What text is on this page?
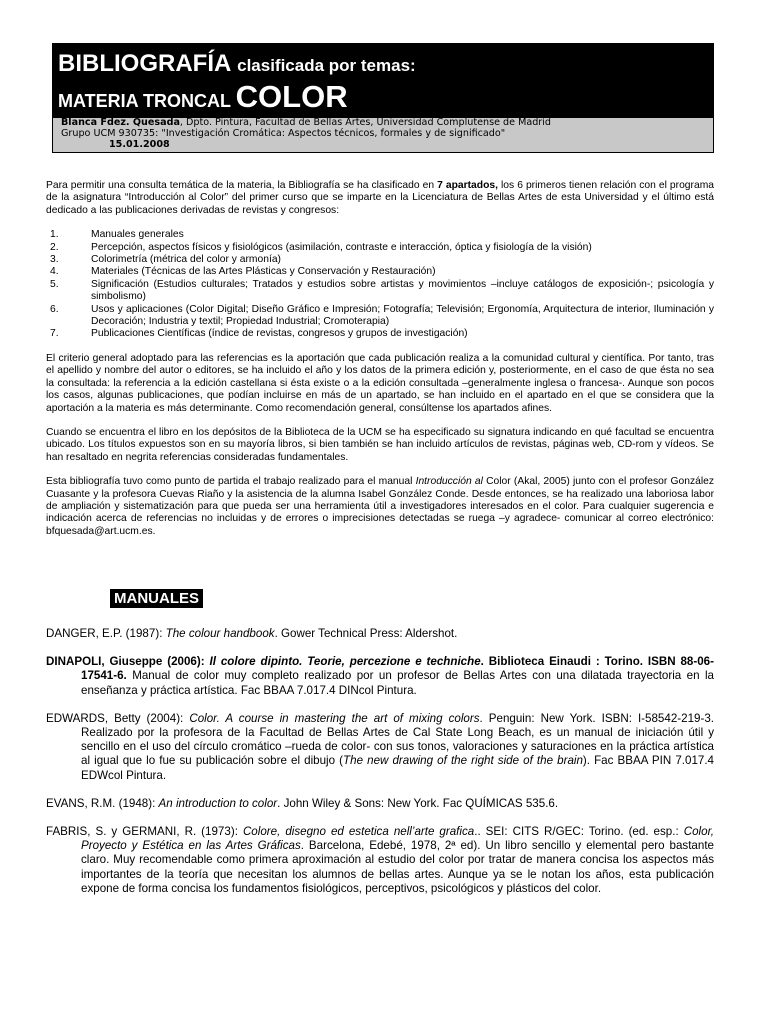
BIBLIOGRAFÍA clasificada por temas:
MATERIA TRONCAL COLOR
Blanca Fdez. Quesada, Dpto. Pintura, Facultad de Bellas Artes, Universidad Complutense de Madrid
Grupo UCM 930735: "Investigación Cromática: Aspectos técnicos, formales y de significado"
15.01.2008

Para permitir una consulta temática de la materia, la Bibliografía se ha clasificado en 7 apartados, los 6 primeros tienen relación con el programa de la asignatura “Introducción al Color” del primer curso que se imparte en la Licenciatura de Bellas Artes de esta Universidad y el último está dedicado a las publicaciones derivadas de revistas y congresos:

1.	Manuales generales
2.	Percepción, aspectos físicos y fisiológicos (asimilación, contraste e interacción, óptica y fisiología de la visión)
3.	Colorimetría (métrica del color y armonía)
4.	Materiales (Técnicas de las Artes Plásticas y Conservación y Restauración)
5.	Significación (Estudios culturales; Tratados y estudios sobre artistas y movimientos –incluye catálogos de exposición-; psicología y simbolismo)
6.	Usos y aplicaciones (Color Digital; Diseño Gráfico e Impresión; Fotografía; Televisión; Ergonomía, Arquitectura de interior, Iluminación y Decoración; Industria y textil; Propiedad Industrial; Cromoterapia)
7.	Publicaciones Científicas (índice de revistas, congresos y grupos de investigación)

El criterio general adoptado para las referencias es la aportación que cada publicación realiza a la comunidad cultural y científica. Por tanto, tras el apellido y nombre del autor o editores, se ha incluido el año y los datos de la primera edición y, posteriormente, en el caso de que ésta no sea la consultada: la referencia a la edición castellana si ésta existe o a la edición consultada –generalmente inglesa o francesa-. Aunque son pocos los casos, algunas publicaciones, que podían incluirse en más de un apartado, se han incluido en el apartado en el que se considera que la aportación a la materia es más determinante. Como recomendación general, consúltense los apartados afines.

Cuando se encuentra el libro en los depósitos de la Biblioteca de la UCM se ha especificado su signatura indicando en qué facultad se encuentra ubicado. Los títulos expuestos son en su mayoría libros, si bien también se han incluido artículos de revistas, páginas web, CD-rom y vídeos. Se han resaltado en negrita referencias consideradas fundamentales.

Esta bibliografía tuvo como punto de partida el trabajo realizado para el manual Introducción al Color (Akal, 2005) junto con el profesor González Cuasante y la profesora Cuevas Riaño y la asistencia de la alumna Isabel González Conde. Desde entonces, se ha realizado una laboriosa labor de ampliación y sistematización para que pueda ser una herramienta útil a investigadores interesados en el color. Para cualquier sugerencia e indicación acerca de referencias no incluidas y de errores o imprecisiones detectadas se ruega –y agradece- comunicar al correo electrónico: bfquesada@art.ucm.es.

MANUALES

DANGER, E.P. (1987): The colour handbook. Gower Technical Press: Aldershot.

DINAPOLI, Giuseppe (2006): Il colore dipinto. Teorie, percezione e techniche. Biblioteca Einaudi : Torino. ISBN 88-06-17541-6. Manual de color muy completo realizado por un profesor de Bellas Artes con una dilatada trayectoria en la enseñanza y práctica artística. Fac BBAA 7.017.4 DINcol Pintura.

EDWARDS, Betty (2004): Color. A course in mastering the art of mixing colors. Penguin: New York. ISBN: I-58542-219-3. Realizado por la profesora de la Facultad de Bellas Artes de Cal State Long Beach, es un manual de iniciación útil y sencillo en el uso del círculo cromático –rueda de color- con sus tonos, valoraciones y saturaciones en la práctica artística al igual que lo fue su publicación sobre el dibujo (The new drawing of the right side of the brain). Fac BBAA PIN 7.017.4 EDWcol Pintura.

EVANS, R.M. (1948): An introduction to color. John Wiley & Sons: New York. Fac QUÍMICAS 535.6.

FABRIS, S. y GERMANI, R. (1973): Colore, disegno ed estetica nell’arte grafica.. SEI: CITS R/GEC: Torino. (ed. esp.: Color, Proyecto y Estética en las Artes Gráficas. Barcelona, Edebé, 1978, 2ª ed). Un libro sencillo y elemental pero bastante claro. Muy recomendable como primera aproximación al estudio del color por tratar de manera concisa los aspectos más importantes de la teoría que necesitan los alumnos de bellas artes. Aunque ya se le notan los años, esta publicación expone de forma concisa los fundamentos fisiológicos, perceptivos, psicológicos y plásticos del color.
